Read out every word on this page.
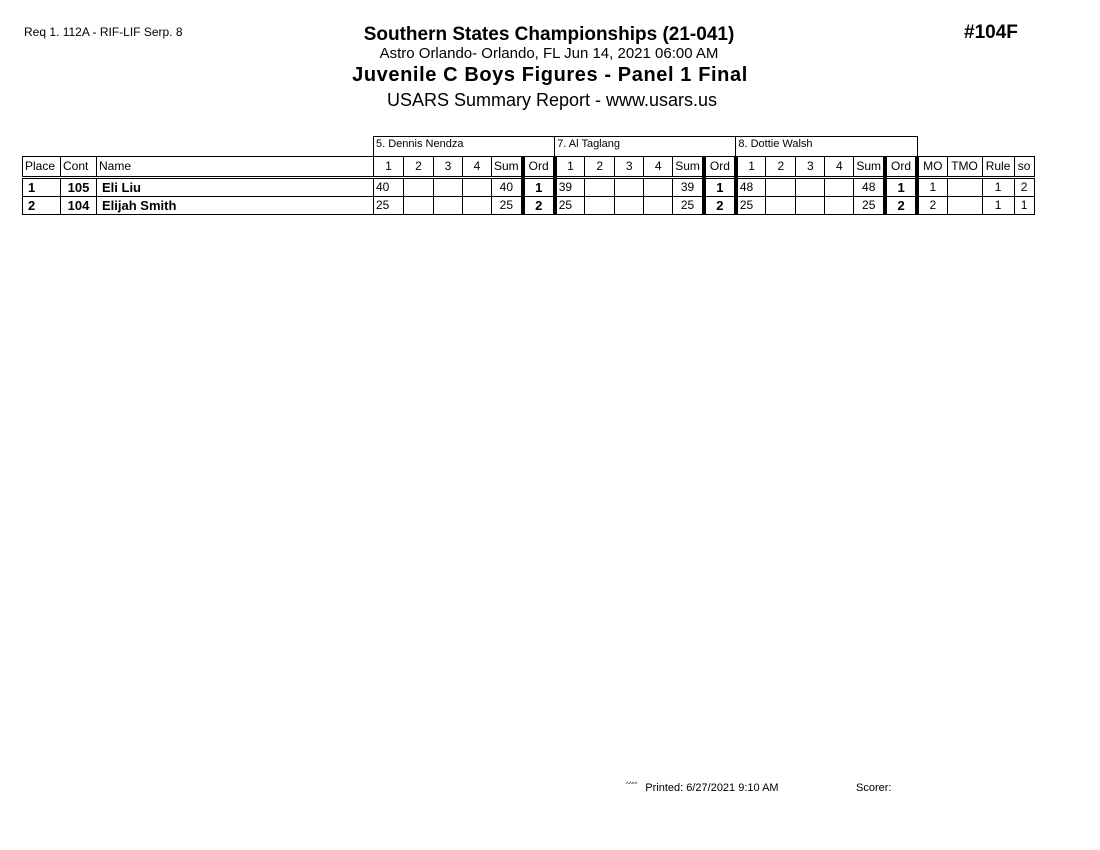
Req 1. 112A - RIF-LIF Serp. 8	#104F
Southern States Championships (21-041)
Astro Orlando- Orlando, FL Jun 14, 2021 06:00 AM
Juvenile C Boys Figures - Panel 1 Final
USARS Summary Report - www.usars.us
			5. Dennis Nendza						7. Al Taglang						8. Dottie Walsh									
Place	Cont	Name	1	2	3	4	Sum	Ord	1	2	3	4	Sum	Ord	1	2	3	4	Sum	Ord	MO	TMO	Rule	so
1	105	Eli Liu	40				40	1	39				39	1	48				48	1	1		1	2
2	104	Elijah Smith	25				25	2	25				25	2	25				25	2	2		1	1
^^^^ Printed: 6/27/2021 9:10 AM	Scorer:
